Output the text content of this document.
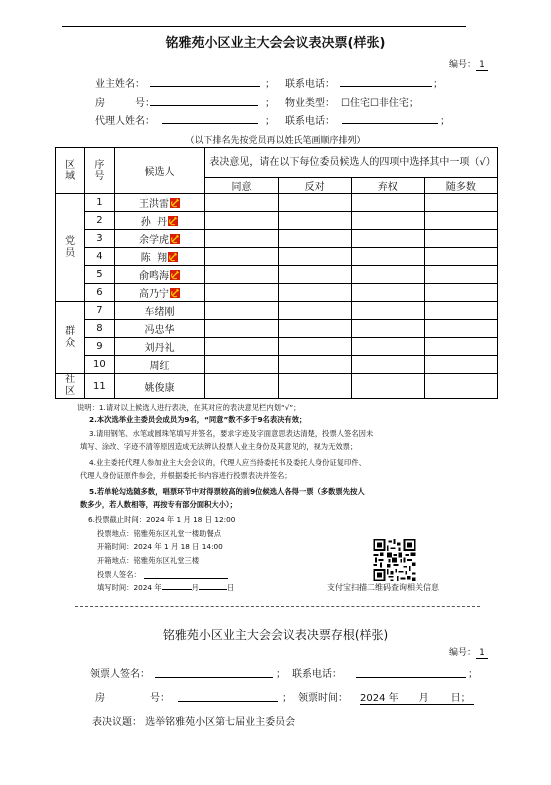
铭雅苑小区业主大会会议表决票(样张)
编号： 1
业主姓名：	； 联系电话：	；
房	号：	； 物业类型： ☐住宅☐非住宅；
代理人姓名：	； 联系电话：	；
（以下排名先按党员再以姓氏笔画顺序排列）
区域	序号	候选人	表决意见，请在以下每位委员候选人的四项中选择其中一项（√）			
			同意	反对	弃权	随多数
党员	1	王洪雷				
	2	孙  丹				
	3	余学虎				
	4	陈  翔				
	5	俞鸣海				
	6	高乃宁				
群众	7	车绪刚				
	8	冯忠华				
	9	刘丹礼				
	10	周红				
社区	11	姚俊康				
说明：1.请对以上候选人进行表决，在其对应的表决意见栏内划“√”；
2.本次选举业主委员会成员为9名，“同意”数不多于9名表决有效；
3.请用钢笔、水笔或圆珠笔填写并签名，要求字迹及字面意思表达清楚，投票人签名因未
填写、涂改、字迹不清等原因造成无法辨认投票人业主身份及其意见的，视为无效票；
4.业主委托代理人参加业主大会会议的，代理人应当持委托书及委托人身份证复印件、
代理人身份证原件参会，并根据委托书内容进行投票表决并签名；
5.若单轮勾选随多数，唱票环节中对得票较高的前9位候选人各得一票（多数票先按人
数多少，若人数相等，再按专有部分面积大小）；
6.投票截止时间：2024 年 1 月 18 日 12:00
投票地点：铭雅苑东区礼堂一楼助餐点
开箱时间：2024 年 1 月 18 日 14:00
开箱地点：铭雅苑东区礼堂三楼
投票人签名：
填写时间：2024 年	月	日	支付宝扫描二维码查询相关信息
铭雅苑小区业主大会会议表决票存根(样张)
编号： 1
领票人签名：	； 联系电话：	；
房	号：	； 领票时间： 2024 年 月 日；
表决议题： 选举铭雅苑小区第七届业主委员会
